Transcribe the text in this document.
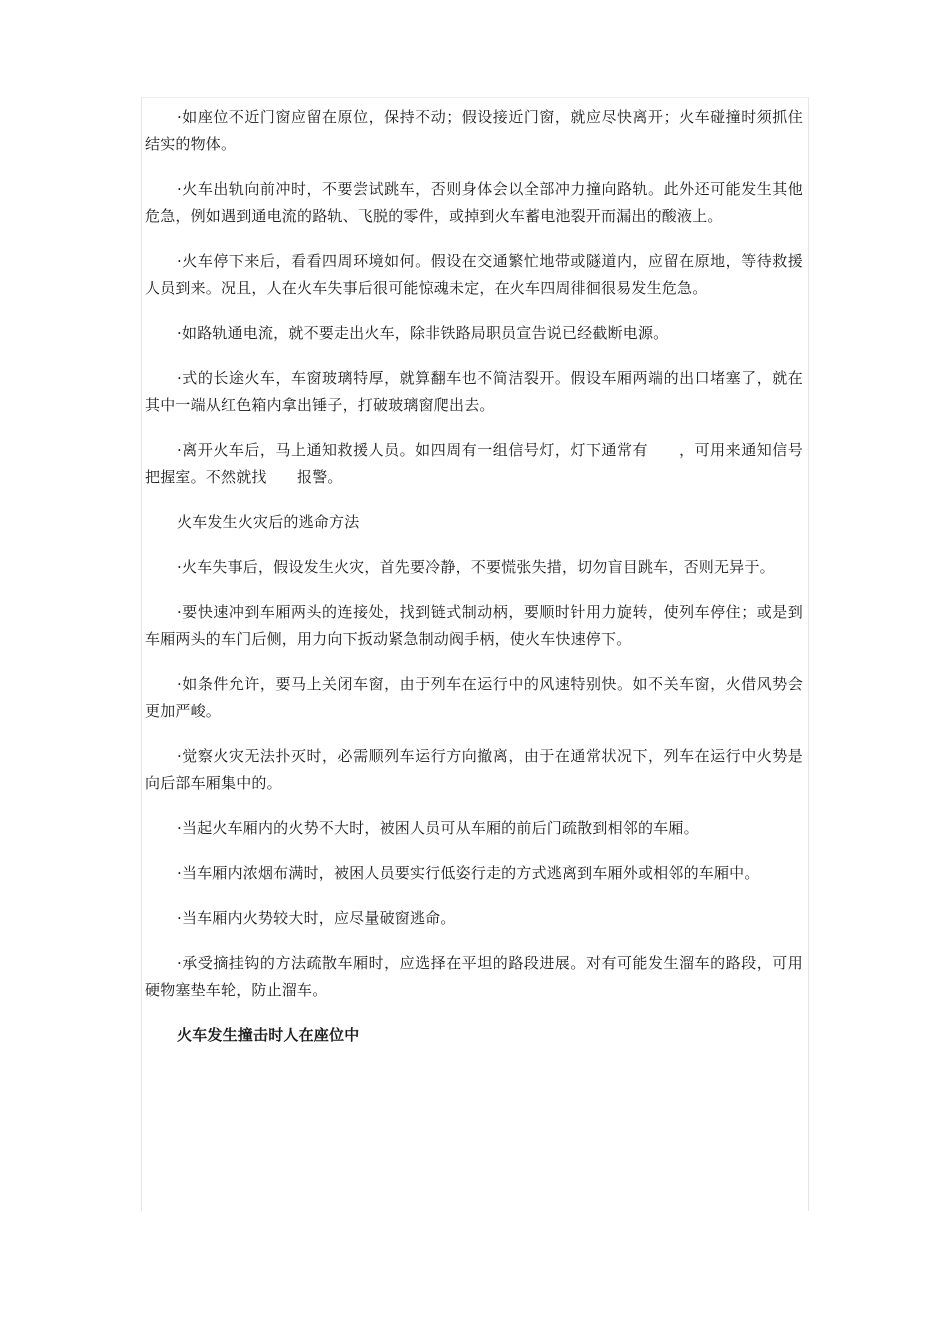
·如座位不近门窗应留在原位，保持不动；假设接近门窗，就应尽快离开；火车碰撞时须抓住结实的物体。

·火车出轨向前冲时，不要尝试跳车，否则身体会以全部冲力撞向路轨。此外还可能发生其他危急，例如遇到通电流的路轨、飞脱的零件，或掉到火车蓄电池裂开而漏出的酸液上。

·火车停下来后，看看四周环境如何。假设在交通繁忙地带或隧道内，应留在原地，等待救援人员到来。况且，人在火车失事后很可能惊魂未定，在火车四周徘徊很易发生危急。

·如路轨通电流，就不要走出火车，除非铁路局职员宣告说已经截断电源。

·式的长途火车，车窗玻璃特厚，就算翻车也不简洁裂开。假设车厢两端的出口堵塞了，就在其中一端从红色箱内拿出锤子，打破玻璃窗爬出去。

·离开火车后，马上通知救援人员。如四周有一组信号灯，灯下通常有　　，可用来通知信号把握室。不然就找　　报警。

火车发生火灾后的逃命方法

·火车失事后，假设发生火灾，首先要冷静，不要慌张失措，切勿盲目跳车，否则无异于。

·要快速冲到车厢两头的连接处，找到链式制动柄，要顺时针用力旋转，使列车停住；或是到车厢两头的车门后侧，用力向下扳动紧急制动阀手柄，使火车快速停下。

·如条件允许，要马上关闭车窗，由于列车在运行中的风速特别快。如不关车窗，火借风势会更加严峻。

·觉察火灾无法扑灭时，必需顺列车运行方向撤离，由于在通常状况下，列车在运行中火势是向后部车厢集中的。

·当起火车厢内的火势不大时，被困人员可从车厢的前后门疏散到相邻的车厢。

·当车厢内浓烟布满时，被困人员要实行低姿行走的方式逃离到车厢外或相邻的车厢中。

·当车厢内火势较大时，应尽量破窗逃命。

·承受摘挂钩的方法疏散车厢时，应选择在平坦的路段进展。对有可能发生溜车的路段，可用硬物塞垫车轮，防止溜车。

火车发生撞击时人在座位中
